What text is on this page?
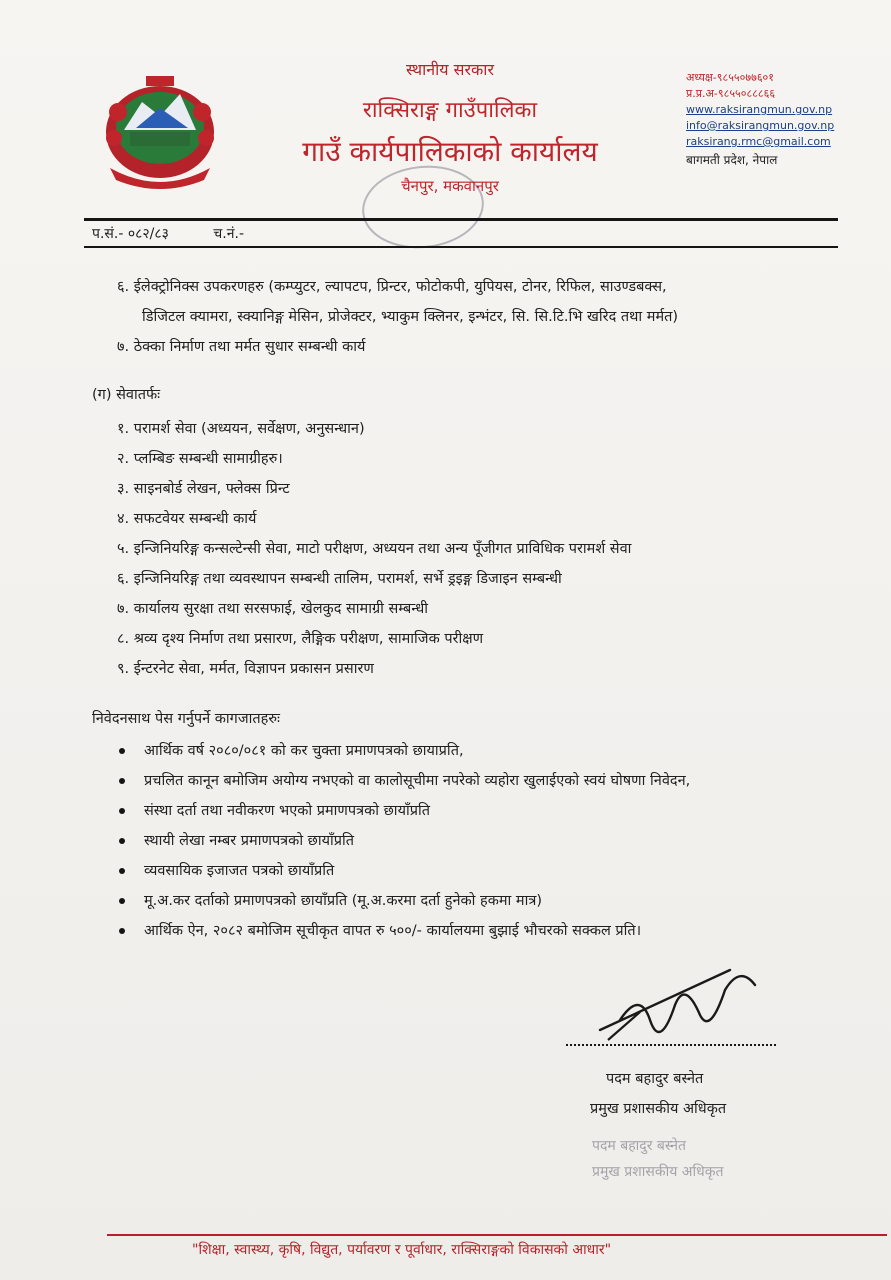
स्थानीय सरकार
राक्सिराङ्ग गाउँपालिका
गाउँ कार्यपालिकाको कार्यालय
चैनपुर, मकवानपुर
अध्यक्ष-९८५५०७७६०१
प्र.प्र.अ-९८५५०८८८६६
www.raksirangmun.gov.np
info@raksirangmun.gov.np
raksirang.rmc@gmail.com
बागमती प्रदेश, नेपाल
प.सं.- ०८२/८३	च.नं.-
६. ईलेक्ट्रोनिक्स उपकरणहरु (कम्प्युटर, ल्यापटप, प्रिन्टर, फोटोकपी, युपियस, टोनर, रिफिल, साउण्डबक्स,
डिजिटल क्यामरा, स्क्यानिङ्ग मेसिन, प्रोजेक्टर, भ्याकुम क्लिनर, इन्भंटर, सि. सि.टि.भि खरिद तथा मर्मत)
७. ठेक्का निर्माण तथा मर्मत सुधार सम्बन्धी कार्य
(ग) सेवातर्फः
१. परामर्श सेवा (अध्ययन, सर्वेक्षण, अनुसन्धान)
२. प्लम्बिङ सम्बन्धी सामाग्रीहरु।
३. साइनबोर्ड लेखन, फ्लेक्स प्रिन्ट
४. सफटवेयर सम्बन्धी कार्य
५. इन्जिनियरिङ्ग कन्सल्टेन्सी सेवा, माटो परीक्षण, अध्ययन तथा अन्य पूँजीगत प्राविधिक परामर्श सेवा
६. इन्जिनियरिङ्ग तथा व्यवस्थापन सम्बन्धी तालिम, परामर्श, सर्भे ड्रइङ्ग डिजाइन सम्बन्धी
७. कार्यालय सुरक्षा तथा सरसफाई, खेलकुद सामाग्री सम्बन्धी
८. श्रव्य दृश्य निर्माण तथा प्रसारण, लैङ्गिक परीक्षण, सामाजिक परीक्षण
९. ईन्टरनेट सेवा, मर्मत, विज्ञापन प्रकासन प्रसारण
निवेदनसाथ पेस गर्नुपर्ने कागजातहरुः
आर्थिक वर्ष २०८०/०८१ को कर चुक्ता प्रमाणपत्रको छायाप्रति,
प्रचलित कानून बमोजिम अयोग्य नभएको वा कालोसूचीमा नपरेको व्यहोरा खुलाईएको स्वयं घोषणा निवेदन,
संस्था दर्ता तथा नवीकरण भएको प्रमाणपत्रको छायाँप्रति
स्थायी लेखा नम्बर प्रमाणपत्रको छायाँप्रति
व्यवसायिक इजाजत पत्रको छायाँप्रति
मू.अ.कर दर्ताको प्रमाणपत्रको छायाँप्रति (मू.अ.करमा दर्ता हुनेको हकमा मात्र)
आर्थिक ऐन, २०८२ बमोजिम सूचीकृत वापत रु ५००/- कार्यालयमा बुझाई भौचरको सक्कल प्रति।
पदम बहादुर बस्नेत
प्रमुख प्रशासकीय अधिकृत
पदम बहादुर बस्नेत
प्रमुख प्रशासकीय अधिकृत
"शिक्षा, स्वास्थ्य, कृषि, विद्युत, पर्यावरण र पूर्वाधार, राक्सिराङ्गको विकासको आधार"
